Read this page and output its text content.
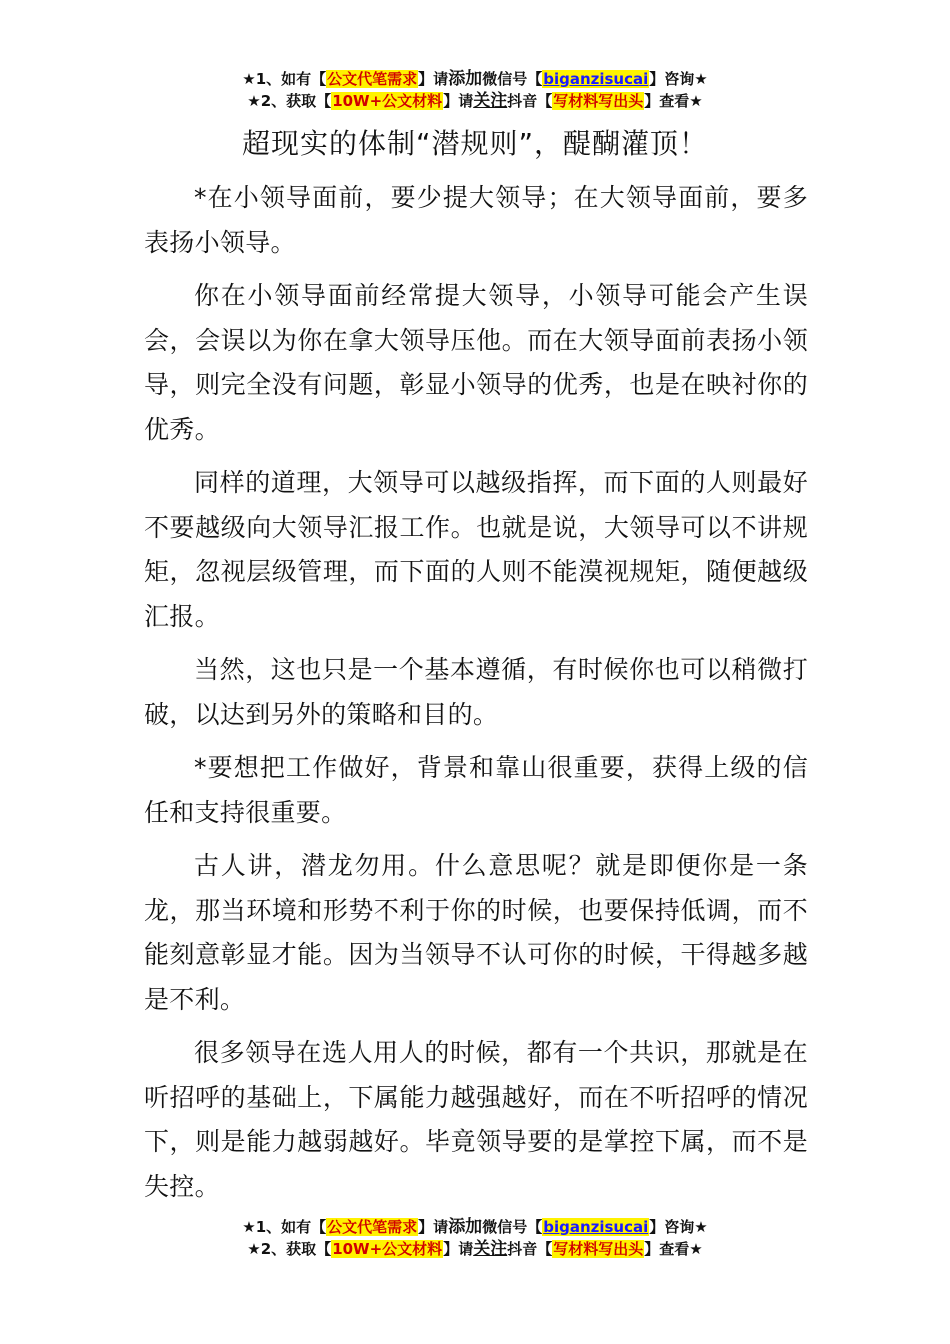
★1、如有【公文代笔需求】请添加微信号【biganzisucai】咨询★
★2、获取【10W+公文材料】请关注抖音【写材料写出头】查看★
超现实的体制“潜规则”，醍醐灌顶！

*在小领导面前，要少提大领导；在大领导面前，要多表扬小领导。

你在小领导面前经常提大领导，小领导可能会产生误会，会误以为你在拿大领导压他。而在大领导面前表扬小领导，则完全没有问题，彰显小领导的优秀，也是在映衬你的优秀。

同样的道理，大领导可以越级指挥，而下面的人则最好不要越级向大领导汇报工作。也就是说，大领导可以不讲规矩，忽视层级管理，而下面的人则不能漠视规矩，随便越级汇报。

当然，这也只是一个基本遵循，有时候你也可以稍微打破，以达到另外的策略和目的。

*要想把工作做好，背景和靠山很重要，获得上级的信任和支持很重要。

古人讲，潜龙勿用。什么意思呢？就是即便你是一条龙，那当环境和形势不利于你的时候，也要保持低调，而不能刻意彰显才能。因为当领导不认可你的时候，干得越多越是不利。

很多领导在选人用人的时候，都有一个共识，那就是在听招呼的基础上，下属能力越强越好，而在不听招呼的情况下，则是能力越弱越好。毕竟领导要的是掌控下属，而不是失控。

★1、如有【公文代笔需求】请添加微信号【biganzisucai】咨询★
★2、获取【10W+公文材料】请关注抖音【写材料写出头】查看★
